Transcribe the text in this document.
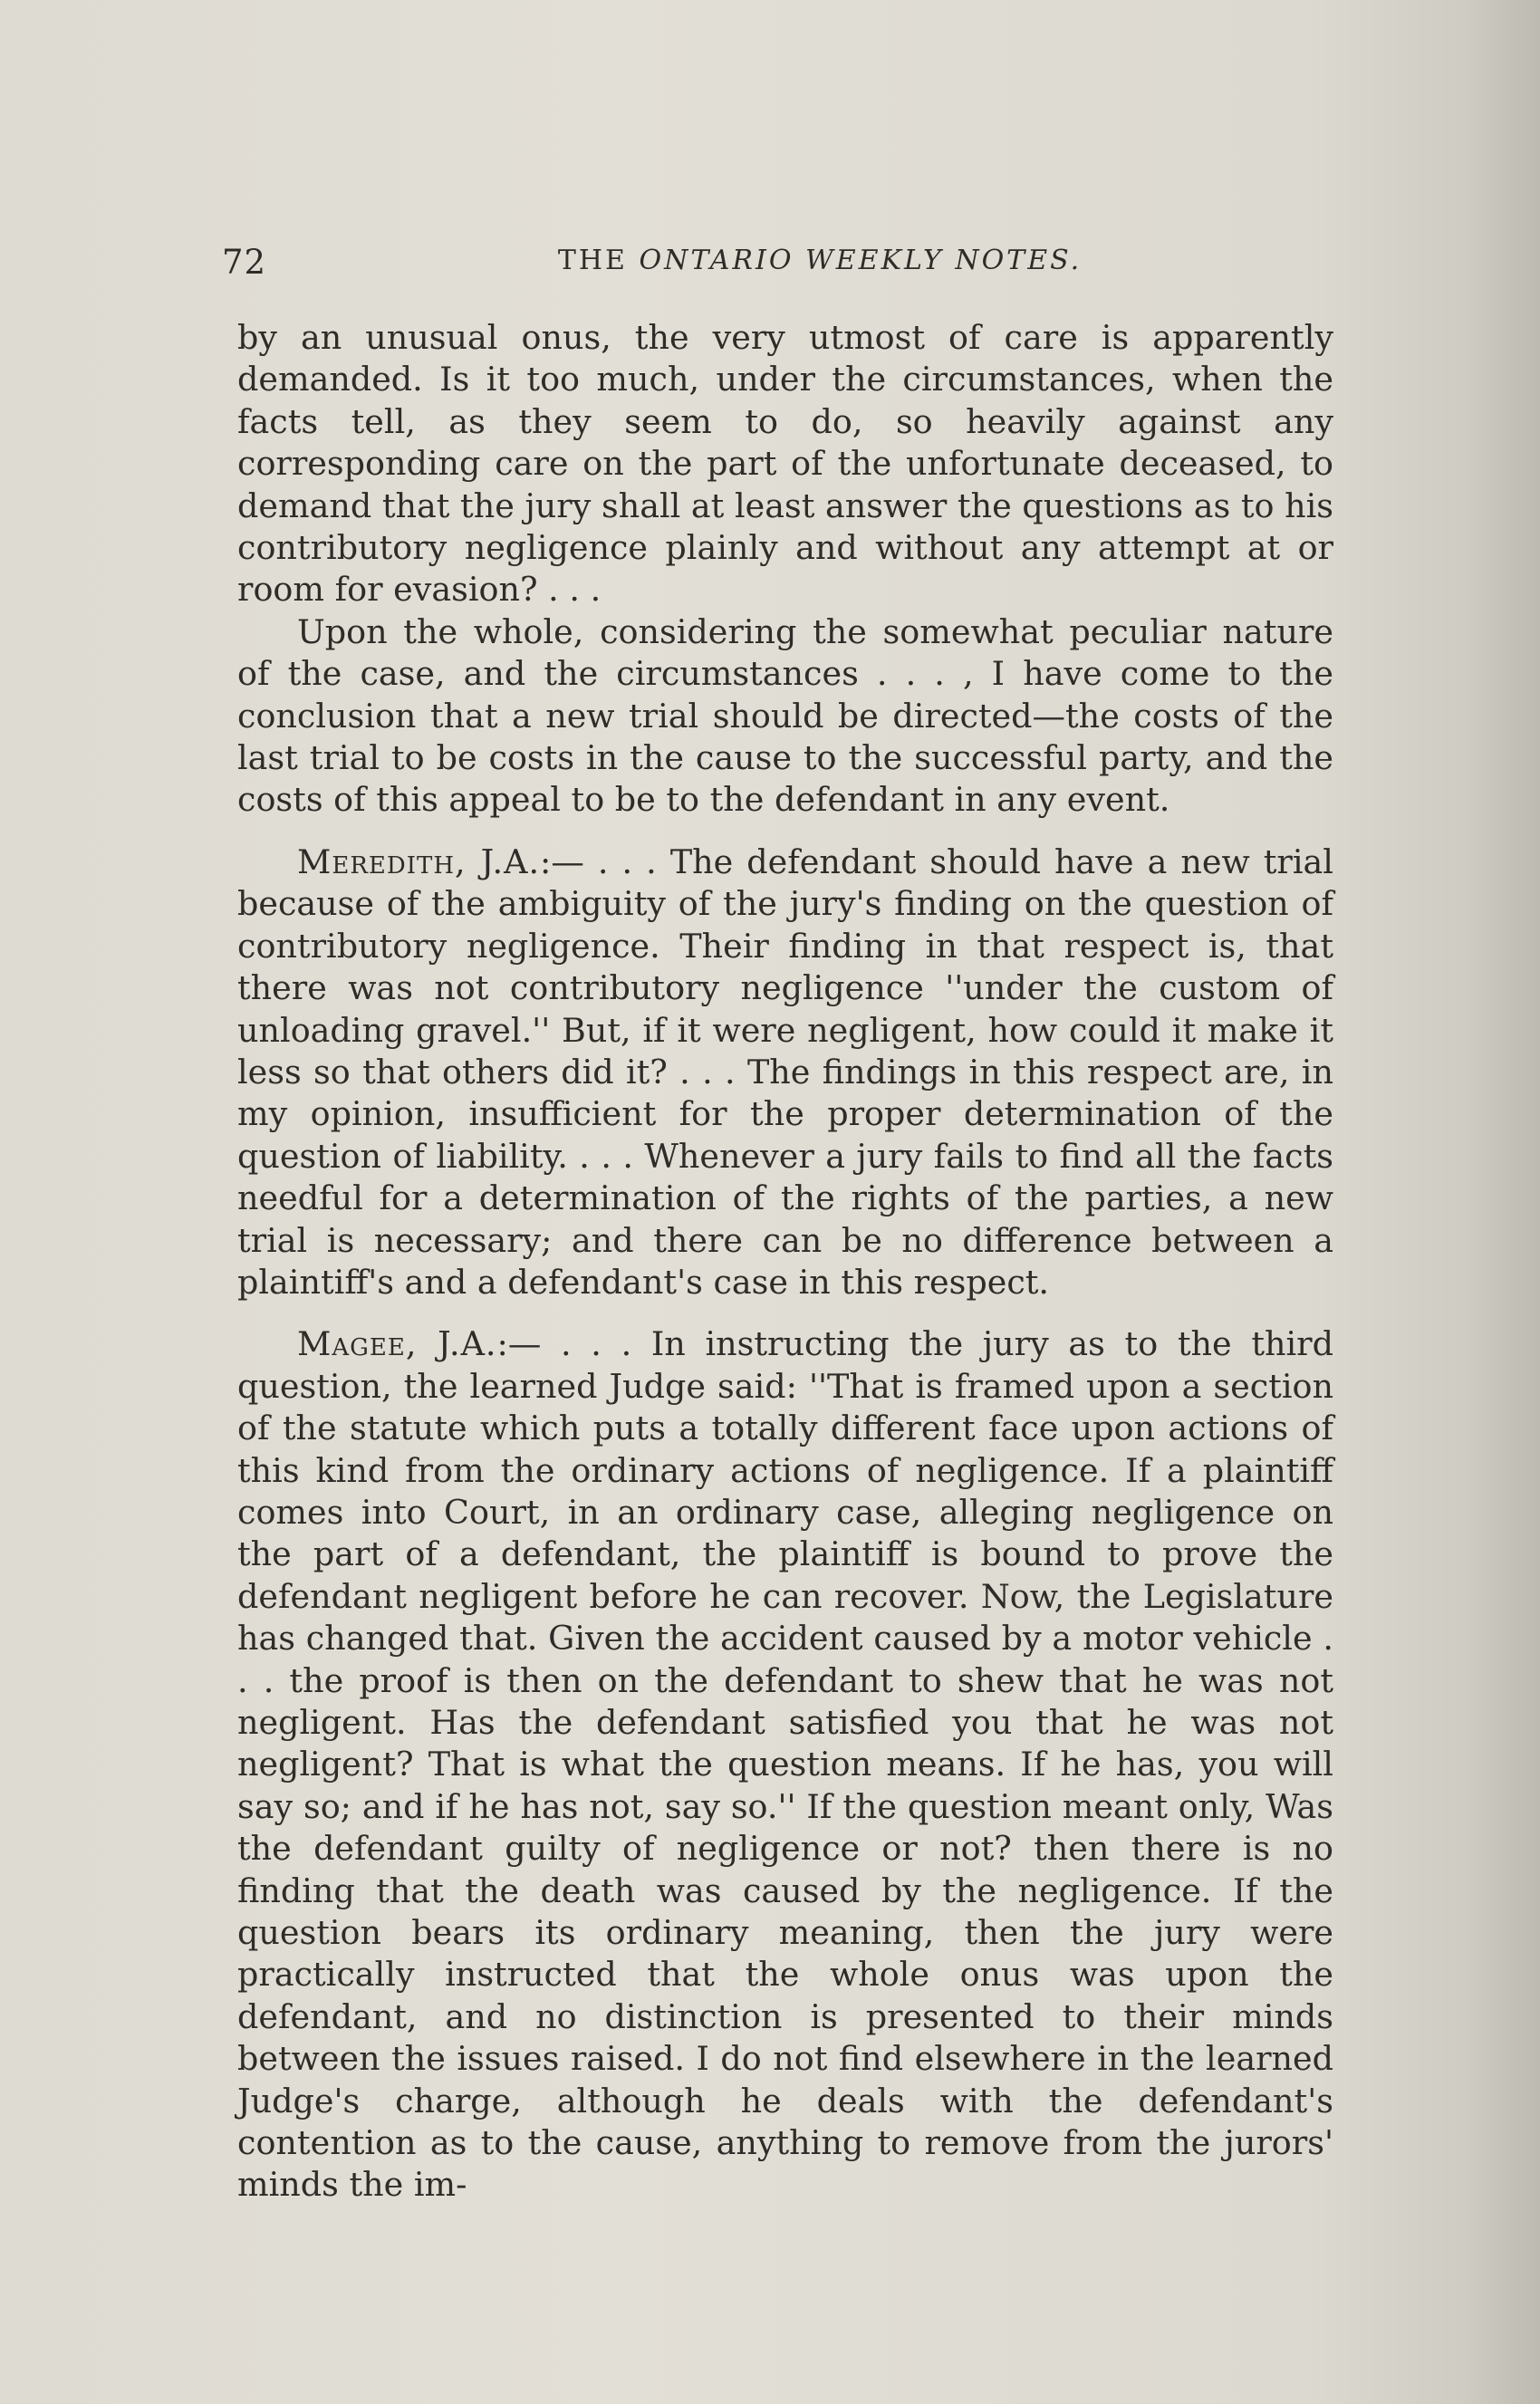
72	THE ONTARIO WEEKLY NOTES.

by an unusual onus, the very utmost of care is apparently demanded. Is it too much, under the circumstances, when the facts tell, as they seem to do, so heavily against any corresponding care on the part of the unfortunate deceased, to demand that the jury shall at least answer the questions as to his contributory negligence plainly and without any attempt at or room for evasion? . . .

Upon the whole, considering the somewhat peculiar nature of the case, and the circumstances . . . , I have come to the conclusion that a new trial should be directed—the costs of the last trial to be costs in the cause to the successful party, and the costs of this appeal to be to the defendant in any event.

Meredith, J.A.:— . . . The defendant should have a new trial because of the ambiguity of the jury's finding on the question of contributory negligence. Their finding in that respect is, that there was not contributory negligence ''under the custom of unloading gravel.'' But, if it were negligent, how could it make it less so that others did it? . . . The findings in this respect are, in my opinion, insufficient for the proper determination of the question of liability. . . . Whenever a jury fails to find all the facts needful for a determination of the rights of the parties, a new trial is necessary; and there can be no difference between a plaintiff's and a defendant's case in this respect.

Magee, J.A.:— . . . In instructing the jury as to the third question, the learned Judge said: ''That is framed upon a section of the statute which puts a totally different face upon actions of this kind from the ordinary actions of negligence. If a plaintiff comes into Court, in an ordinary case, alleging negligence on the part of a defendant, the plaintiff is bound to prove the defendant negligent before he can recover. Now, the Legislature has changed that. Given the accident caused by a motor vehicle . . . the proof is then on the defendant to shew that he was not negligent. Has the defendant satisfied you that he was not negligent? That is what the question means. If he has, you will say so; and if he has not, say so.'' If the question meant only, Was the defendant guilty of negligence or not? then there is no finding that the death was caused by the negligence. If the question bears its ordinary meaning, then the jury were practically instructed that the whole onus was upon the defendant, and no distinction is presented to their minds between the issues raised. I do not find elsewhere in the learned Judge's charge, although he deals with the defendant's contention as to the cause, anything to remove from the jurors' minds the im-
